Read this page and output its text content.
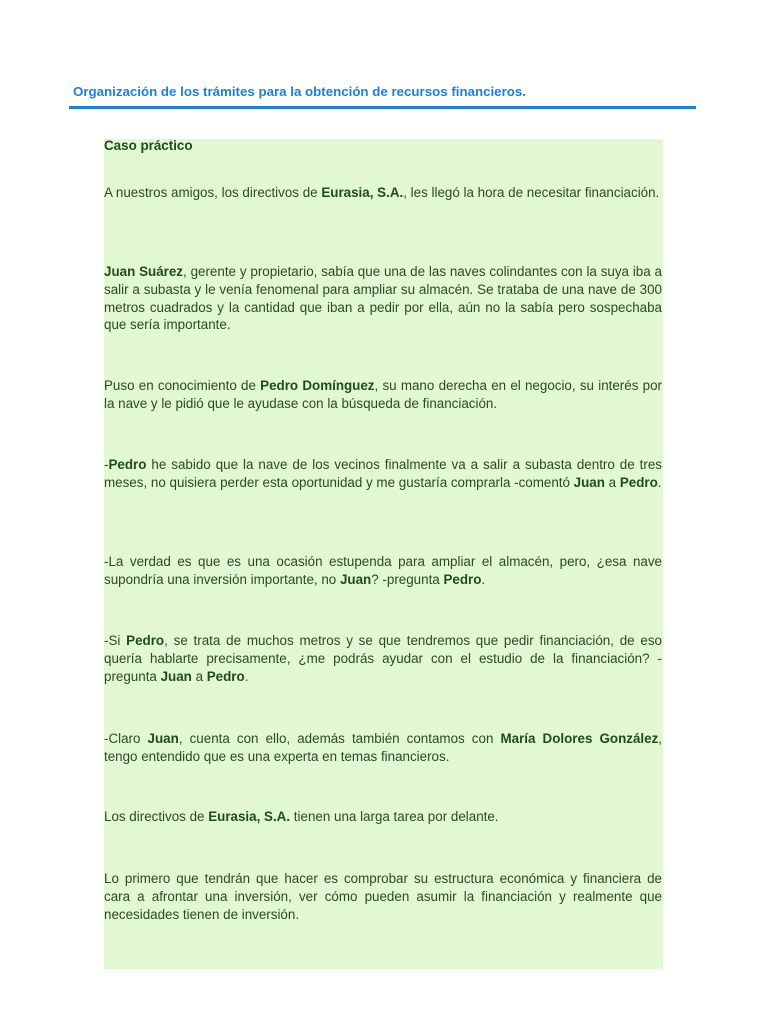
Organización de los trámites para la obtención de recursos financieros.
Caso práctico

A nuestros amigos, los directivos de Eurasia, S.A., les llegó la hora de necesitar financiación.

Juan Suárez, gerente y propietario, sabía que una de las naves colindantes con la suya iba a salir a subasta y le venía fenomenal para ampliar su almacén. Se trataba de una nave de 300 metros cuadrados y la cantidad que iban a pedir por ella, aún no la sabía pero sospechaba que sería importante.

Puso en conocimiento de Pedro Domínguez, su mano derecha en el negocio, su interés por la nave y le pidió que le ayudase con la búsqueda de financiación.

-Pedro he sabido que la nave de los vecinos finalmente va a salir a subasta dentro de tres meses, no quisiera perder esta oportunidad y me gustaría comprarla -comentó Juan a Pedro.

-La verdad es que es una ocasión estupenda para ampliar el almacén, pero, ¿esa nave supondría una inversión importante, no Juan? -pregunta Pedro.

-Si Pedro, se trata de muchos metros y se que tendremos que pedir financiación, de eso quería hablarte precisamente, ¿me podrás ayudar con el estudio de la financiación? -pregunta Juan a Pedro.

-Claro Juan, cuenta con ello, además también contamos con María Dolores González, tengo entendido que es una experta en temas financieros.

Los directivos de Eurasia, S.A. tienen una larga tarea por delante.

Lo primero que tendrán que hacer es comprobar su estructura económica y financiera de cara a afrontar una inversión, ver cómo pueden asumir la financiación y realmente que necesidades tienen de inversión.
